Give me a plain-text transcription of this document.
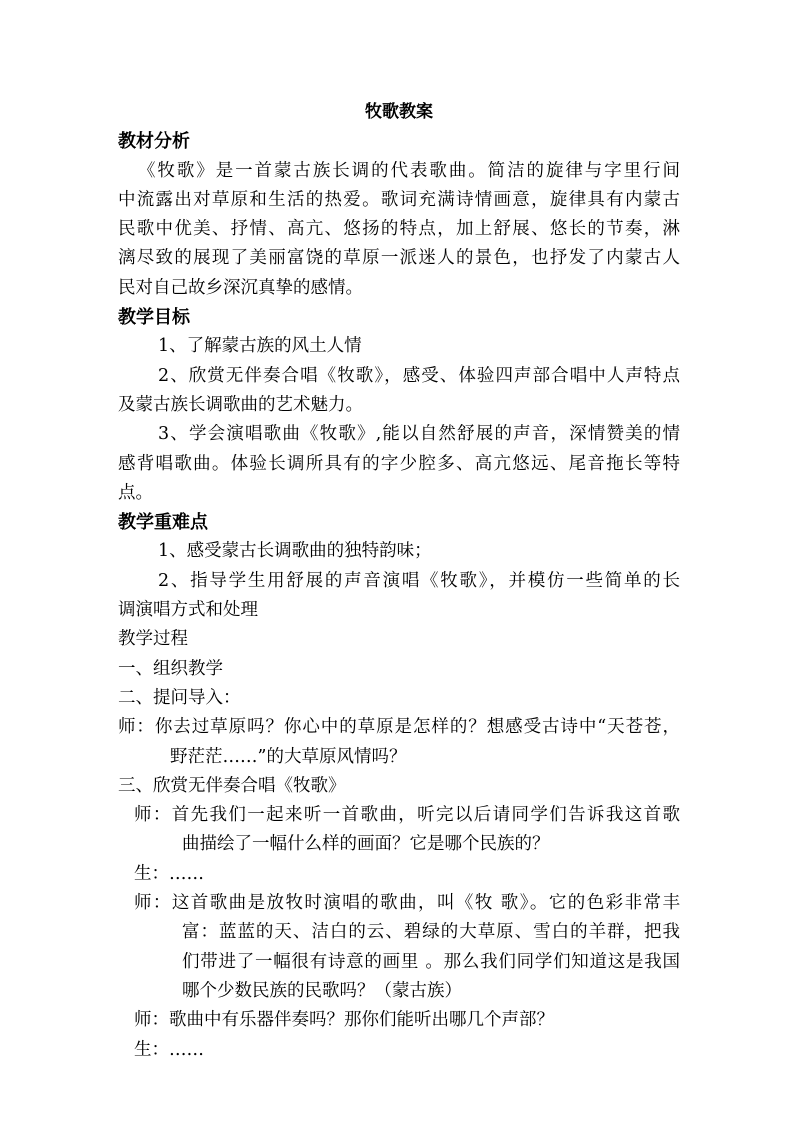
牧歌教案
教材分析
《牧歌》是一首蒙古族长调的代表歌曲。简洁的旋律与字里行间
中流露出对草原和生活的热爱。歌词充满诗情画意，旋律具有内蒙古
民歌中优美、抒情、高亢、悠扬的特点，加上舒展、悠长的节奏，淋
漓尽致的展现了美丽富饶的草原一派迷人的景色，也抒发了内蒙古人
民对自己故乡深沉真挚的感情。
教学目标
1、了解蒙古族的风土人情
2、欣赏无伴奏合唱《牧歌》，感受、体验四声部合唱中人声特点
及蒙古族长调歌曲的艺术魅力。
3、学会演唱歌曲《牧歌》,能以自然舒展的声音，深情赞美的情
感背唱歌曲。体验长调所具有的字少腔多、高亢悠远、尾音拖长等特
点。
教学重难点
1、感受蒙古长调歌曲的独特韵味；
2、指导学生用舒展的声音演唱《牧歌》，并模仿一些简单的长
调演唱方式和处理
教学过程
一、组织教学
二、提问导入：
师：你去过草原吗？你心中的草原是怎样的？想感受古诗中“天苍苍，
野茫茫……”的大草原风情吗？
三、欣赏无伴奏合唱《牧歌》
师：首先我们一起来听一首歌曲，听完以后请同学们告诉我这首歌
曲描绘了一幅什么样的画面？它是哪个民族的？
生：……
师：这首歌曲是放牧时演唱的歌曲，叫《牧 歌》。它的色彩非常丰
富：蓝蓝的天、洁白的云、碧绿的大草原、雪白的羊群，把我
们带进了一幅很有诗意的画里 。那么我们同学们知道这是我国
哪个少数民族的民歌吗？（蒙古族）
师：歌曲中有乐器伴奏吗？那你们能听出哪几个声部？
生：……
